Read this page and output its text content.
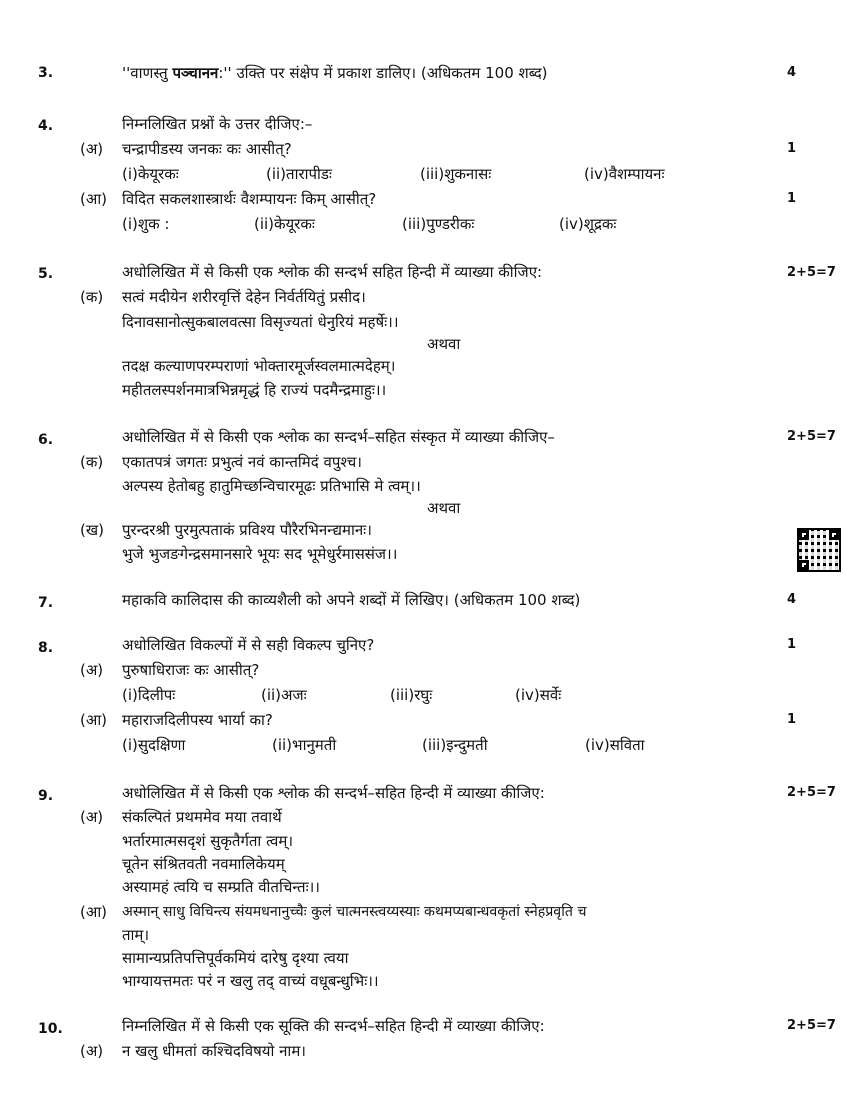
3.	''वाणस्तु पञ्चानन:'' उक्ति पर संक्षेप में प्रकाश डालिए। (अधिकतम 100 शब्द)	4
4.	निम्नलिखित प्रश्नों के उत्तर दीजिए:–
(अ) चन्द्रापीडस्य जनकः कः आसीत्?	1
(i)केयूरकः	(ii)तारापीडः	(iii)शुकनासः	(iv)वैशम्पायनः
(आ) विदित सकलशास्त्रार्थः वैशम्पायनः किम् आसीत्?	1
(i)शुक :	(ii)केयूरकः	(iii)पुण्डरीकः	(iv)शूद्रकः
5.	अधोलिखित में से किसी एक श्लोक की सन्दर्भ सहित हिन्दी में व्याख्या कीजिए:	2+5=7
(क) सत्वं मदीयेन शरीरवृत्तिं देहेन निर्वर्तयितुं प्रसीद।
दिनावसानोत्सुकबालवत्सा विसृज्यतां धेनुरियं महर्षेः।।
अथवा
तदक्ष कल्याणपरम्पराणां भोक्तारमूर्जस्वलमात्मदेहम्।
महीतलस्पर्शनमात्रभिन्नमृद्धं हि राज्यं पदमैन्द्रमाहुः।।
6.	अधोलिखित में से किसी एक श्लोक का सन्दर्भ–सहित संस्कृत में व्याख्या कीजिए–	2+5=7
(क) एकातपत्रं जगतः प्रभुत्वं नवं कान्तमिदं वपुश्च।
अल्पस्य हेतोबहु हातुमिच्छन्विचारमूढः प्रतिभासि मे त्वम्।।
अथवा
(ख) पुरन्दरश्री पुरमुत्पताकं प्रविश्य पौरैरभिनन्द्यमानः।
भुजे भुजङगेन्द्रसमानसारे भूयः सद भूमेधुर्रमाससंज।।
7.	महाकवि कालिदास की काव्यशैली को अपने शब्दों में लिखिए। (अधिकतम 100 शब्द)	4
8.	अधोलिखित विकल्पों में से सही विकल्प चुनिए?	1
(अ) पुरुषाधिराजः कः आसीत्?
(i)दिलीपः	(ii)अजः	(iii)रघुः	(iv)सर्वेः
(आ) महाराजदिलीपस्य भार्या का?	1
(i)सुदक्षिणा	(ii)भानुमती	(iii)इन्दुमती	(iv)सविता
9.	अधोलिखित में से किसी एक श्लोक की सन्दर्भ–सहित हिन्दी में व्याख्या कीजिए:	2+5=7
(अ) संकल्पितं प्रथममेव मया तवार्थे
भर्तारमात्मसदृशं सुकृतैर्गता त्वम्।
चूतेन संश्रितवती नवमालिकेयम्
अस्यामहं त्वयि च सम्प्रति वीतचिन्तः।।
(आ) अस्मान् साधु विचिन्त्य संयमधनानुच्चैः कुलं चात्मनस्त्वय्यस्याः कथमप्यबान्धवकृतां स्नेहप्रवृति च
ताम्।
सामान्यप्रतिपत्तिपूर्वकमियं दारेषु दृश्या त्वया
भाग्यायत्तमतः परं न खलु तद् वाच्यं वधूबन्धुभिः।।
10.	निम्नलिखित में से किसी एक सूक्ति की सन्दर्भ–सहित हिन्दी में व्याख्या कीजिए:	2+5=7
(अ) न खलु धीमतां कश्चिदविषयो नाम।
